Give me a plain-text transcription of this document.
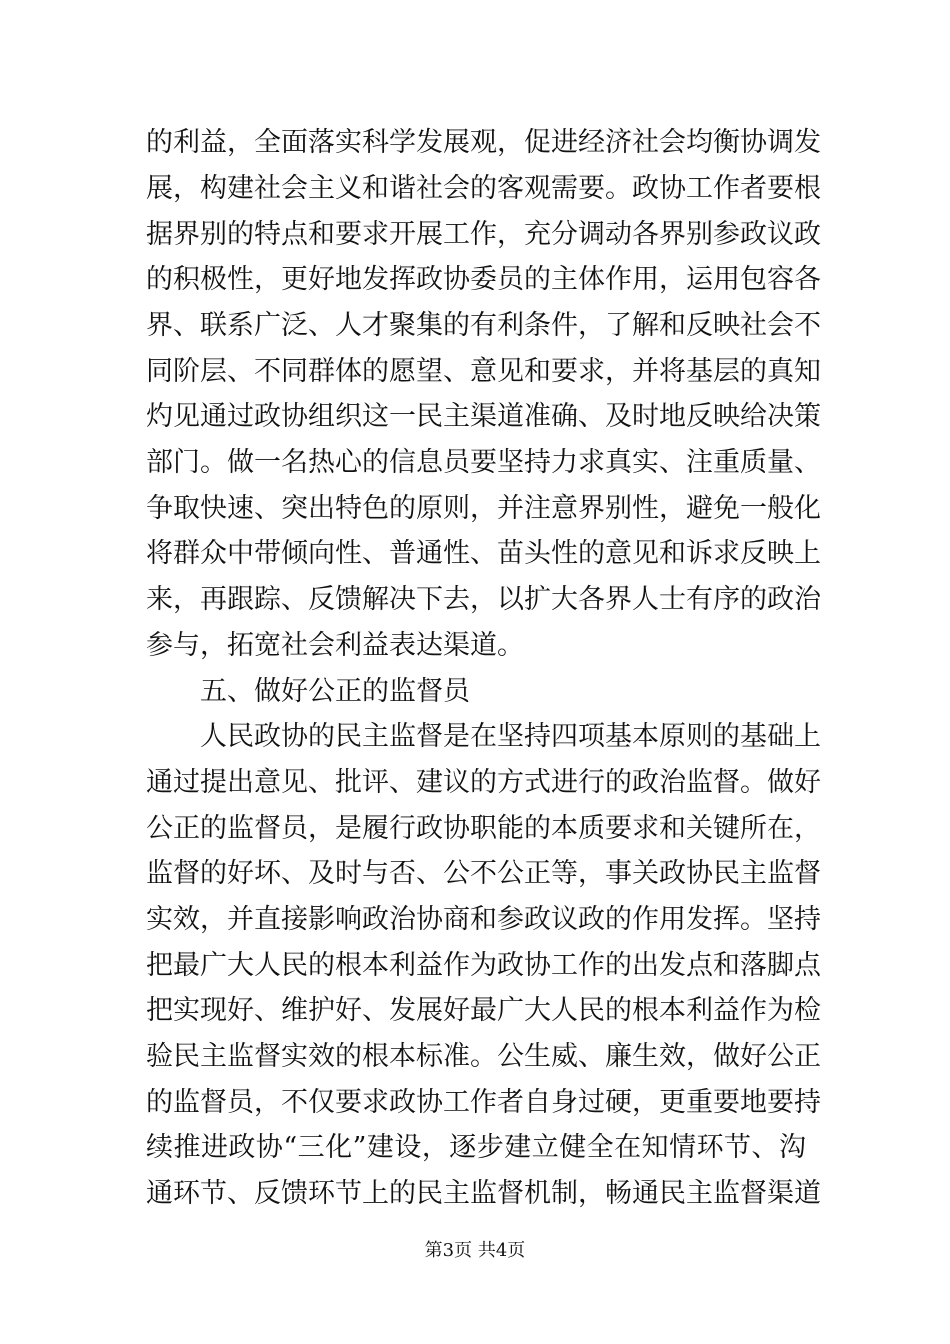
的利益，全面落实科学发展观，促进经济社会均衡协调发
展，构建社会主义和谐社会的客观需要。政协工作者要根
据界别的特点和要求开展工作，充分调动各界别参政议政
的积极性，更好地发挥政协委员的主体作用，运用包容各
界、联系广泛、人才聚集的有利条件，了解和反映社会不
同阶层、不同群体的愿望、意见和要求，并将基层的真知
灼见通过政协组织这一民主渠道准确、及时地反映给决策
部门。做一名热心的信息员要坚持力求真实、注重质量、
争取快速、突出特色的原则，并注意界别性，避免一般化
将群众中带倾向性、普通性、苗头性的意见和诉求反映上
来，再跟踪、反馈解决下去，以扩大各界人士有序的政治
参与，拓宽社会利益表达渠道。
五、做好公正的监督员
人民政协的民主监督是在坚持四项基本原则的基础上
通过提出意见、批评、建议的方式进行的政治监督。做好
公正的监督员，是履行政协职能的本质要求和关键所在，
监督的好坏、及时与否、公不公正等，事关政协民主监督
实效，并直接影响政治协商和参政议政的作用发挥。坚持
把最广大人民的根本利益作为政协工作的出发点和落脚点
把实现好、维护好、发展好最广大人民的根本利益作为检
验民主监督实效的根本标准。公生威、廉生效，做好公正
的监督员，不仅要求政协工作者自身过硬，更重要地要持
续推进政协“三化”建设，逐步建立健全在知情环节、沟
通环节、反馈环节上的民主监督机制，畅通民主监督渠道
第3页 共4页
